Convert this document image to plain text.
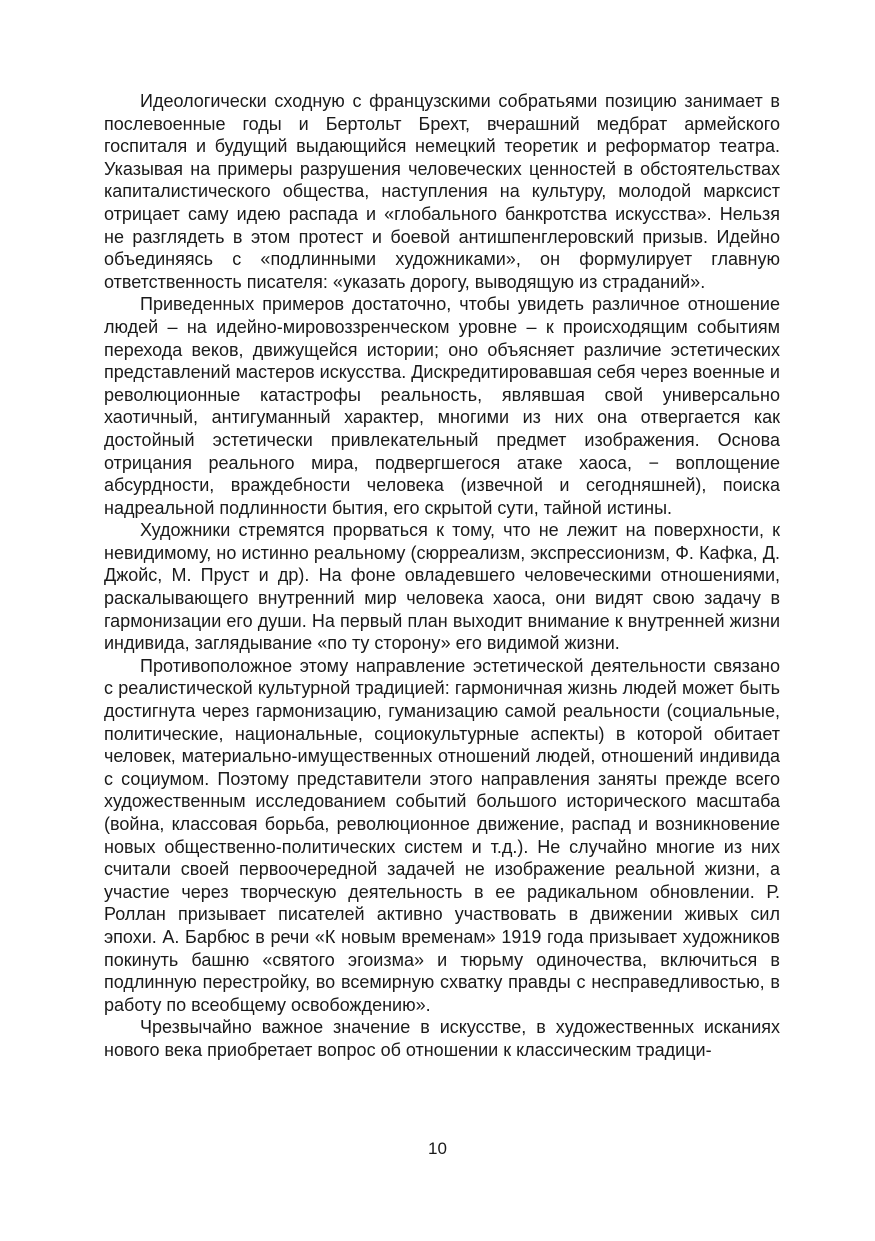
Идеологически сходную с французскими собратьями позицию занимает в послевоенные годы и Бертольт Брехт, вчерашний медбрат армейского госпиталя и будущий выдающийся немецкий теоретик и реформатор театра. Указывая на примеры разрушения человеческих ценностей в обстоятельствах капиталистического общества, наступления на культуру, молодой марксист отрицает саму идею распада и «глобального банкротства искусства». Нельзя не разглядеть в этом протест и боевой антишпенглеровский призыв. Идейно объединяясь с «подлинными художниками», он формулирует главную ответственность писателя: «указать дорогу, выводящую из страданий».

Приведенных примеров достаточно, чтобы увидеть различное отношение людей – на идейно-мировоззренческом уровне – к происходящим событиям перехода веков, движущейся истории; оно объясняет различие эстетических представлений мастеров искусства. Дискредитировавшая себя через военные и революционные катастрофы реальность, являвшая свой универсально хаотичный, антигуманный характер, многими из них она отвергается как достойный эстетически привлекательный предмет изображения. Основа отрицания реального мира, подвергшегося атаке хаоса, − воплощение абсурдности, враждебности человека (извечной и сегодняшней), поиска надреальной подлинности бытия, его скрытой сути, тайной истины.

Художники стремятся прорваться к тому, что не лежит на поверхности, к невидимому, но истинно реальному (сюрреализм, экспрессионизм, Ф. Кафка, Д. Джойс, М. Пруст и др). На фоне овладевшего человеческими отношениями, раскалывающего внутренний мир человека хаоса, они видят свою задачу в гармонизации его души. На первый план выходит внимание к внутренней жизни индивида, заглядывание «по ту сторону» его видимой жизни.

Противоположное этому направление эстетической деятельности связано с реалистической культурной традицией: гармоничная жизнь людей может быть достигнута через гармонизацию, гуманизацию самой реальности (социальные, политические, национальные, социокультурные аспекты) в которой обитает человек, материально-имущественных отношений людей, отношений индивида с социумом. Поэтому представители этого направления заняты прежде всего художественным исследованием событий большого исторического масштаба (война, классовая борьба, революционное движение, распад и возникновение новых общественно-политических систем и т.д.). Не случайно многие из них считали своей первоочередной задачей не изображение реальной жизни, а участие через творческую деятельность в ее радикальном обновлении. Р. Роллан призывает писателей активно участвовать в движении живых сил эпохи. А. Барбюс в речи «К новым временам» 1919 года призывает художников покинуть башню «святого эгоизма» и тюрьму одиночества, включиться в подлинную перестройку, во всемирную схватку правды с несправедливостью, в работу по всеобщему освобождению».

Чрезвычайно важное значение в искусстве, в художественных исканиях нового века приобретает вопрос об отношении к классическим традици-

10
